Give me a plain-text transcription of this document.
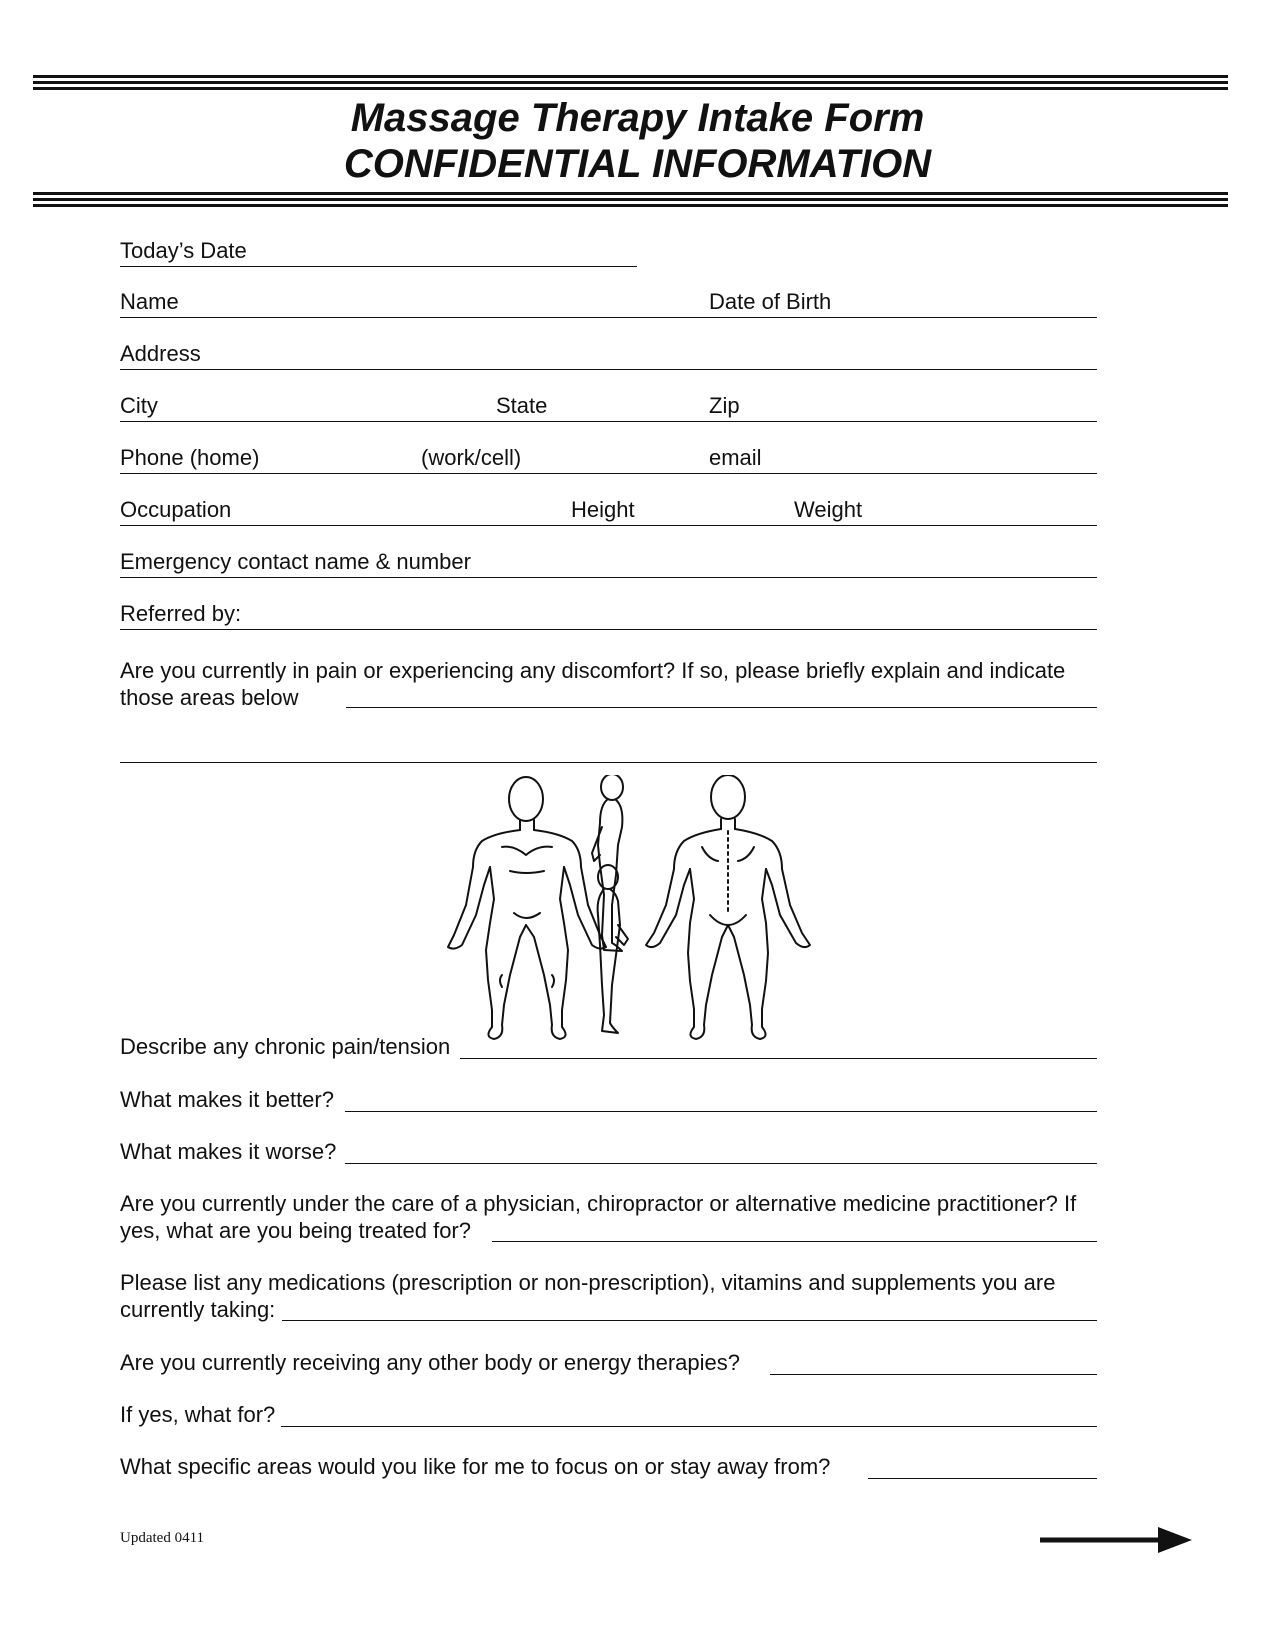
Massage Therapy Intake Form
CONFIDENTIAL INFORMATION
Today’s Date
Name	Date of Birth
Address
City	State	Zip
Phone (home)	(work/cell)	email
Occupation	Height	Weight
Emergency contact name & number
Referred by:
Are you currently in pain or experiencing any discomfort? If so, please briefly explain and indicate
those areas below
Describe any chronic pain/tension
What makes it better?
What makes it worse?
Are you currently under the care of a physician, chiropractor or alternative medicine practitioner? If
yes, what are you being treated for?
Please list any medications (prescription or non-prescription), vitamins and supplements you are
currently taking:
Are you currently receiving any other body or energy therapies?
If yes, what for?
What specific areas would you like for me to focus on or stay away from?
Updated 0411
